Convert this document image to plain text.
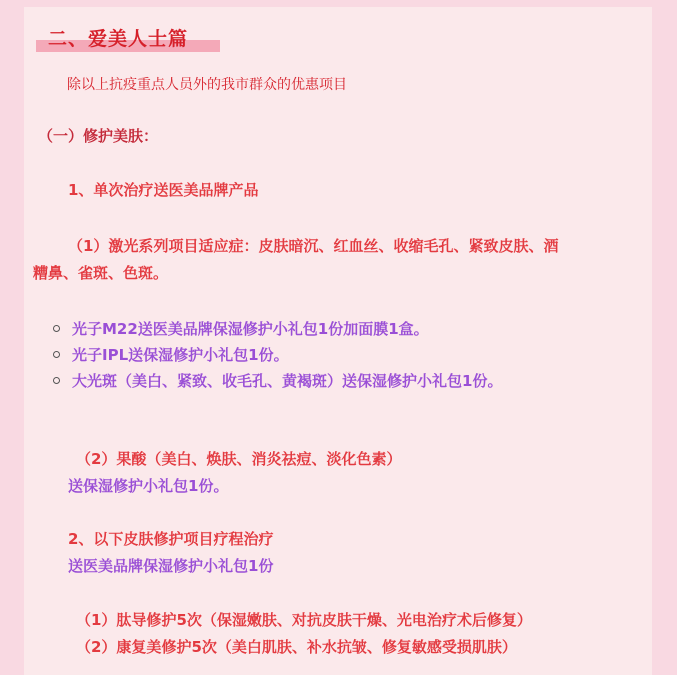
二、爱美人士篇
除以上抗疫重点人员外的我市群众的优惠项目
（一）修护美肤：
1、单次治疗送医美品牌产品
（1）激光系列项目适应症：皮肤暗沉、红血丝、收缩毛孔、紧致皮肤、酒
糟鼻、雀斑、色斑。
光子M22送医美品牌保湿修护小礼包1份加面膜1盒。
光子IPL送保湿修护小礼包1份。
大光斑（美白、紧致、收毛孔、黄褐斑）送保湿修护小礼包1份。
（2）果酸（美白、焕肤、消炎祛痘、淡化色素）
送保湿修护小礼包1份。
2、以下皮肤修护项目疗程治疗
送医美品牌保湿修护小礼包1份
（1）肽导修护5次（保湿嫩肤、对抗皮肤干燥、光电治疗术后修复）
（2）康复美修护5次（美白肌肤、补水抗皱、修复敏感受损肌肤）
